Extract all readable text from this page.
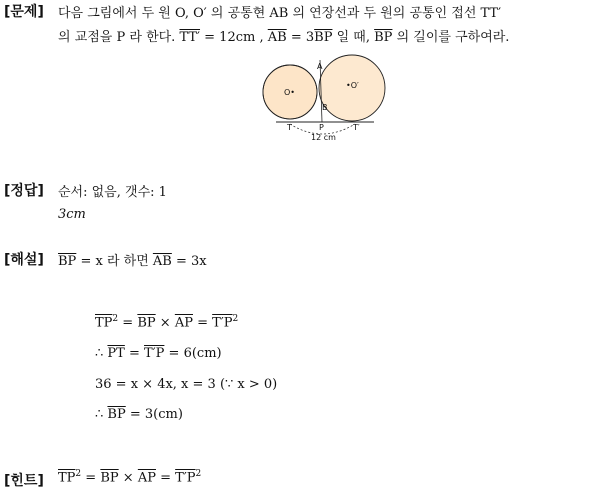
[문제] 다음 그림에서 두 원 O, O′ 의 공통현 AB 의 연장선과 두 원의 공통인 접선 TT′
의 교점을 P 라 한다. TT′ = 12cm , $\overline{AB} = 3\overline{BP}$ 일 때, $\overline{BP}$ 의 길이를 구하여라.
O•
•O′
A
B
T	P	T′
12 cm
[정답] 순서: 없음, 갯수: 1
3cm
[해설] $\overline{BP} = x$ 라 하면 $\overline{AB} = 3x$
$\overline{TP}^2 = \overline{BP} \times \overline{AP} = T'P^2$
∴ $\overline{PT} = T'P = 6(cm)$
36 = x × 4x, x = 3 (∵ x > 0)
∴ $\overline{BP} = 3(cm)$
[힌트] $\overline{TP}^2 = \overline{BP} \times \overline{AP} = T'P^2$
